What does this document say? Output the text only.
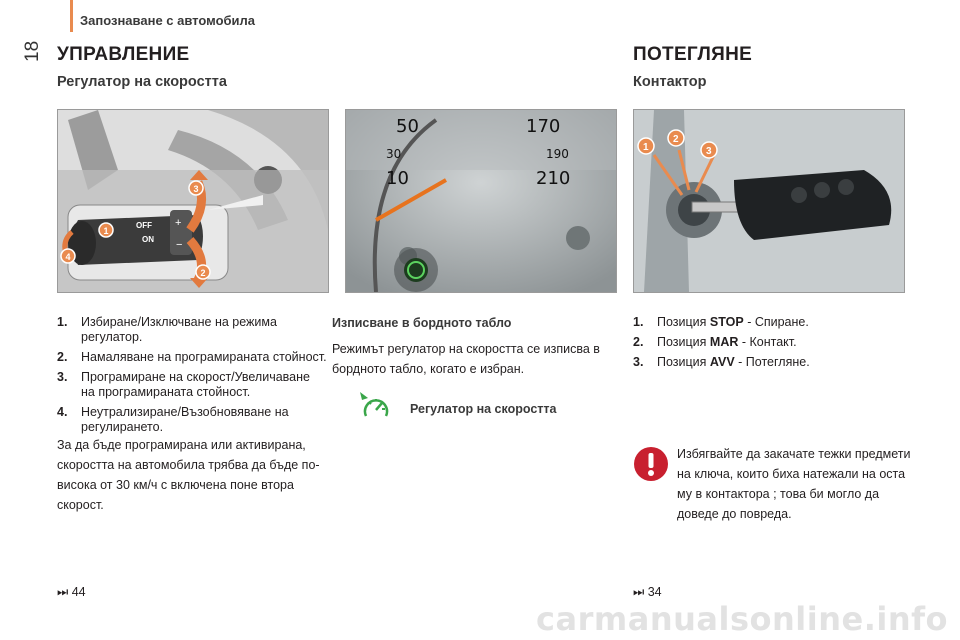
18
Запознаване с автомобила
УПРАВЛЕНИЕ
Регулатор на скоростта
OFF
ON
+
−
1
2
3
4
1.	Избиране/Изключване на режима регулатор.
2.	Намаляване на програмираната стойност.
3.	Програмиране на скорост/Увеличаване на програмираната стойност.
4.	Неутрализиране/Възобновяване на регулирането.
За да бъде програмирана или активирана, скоростта на автомобила трябва да бъде по-висока от 30 км/ч с включена поне втора скорост.
⏭ 44
50
30
10
170
190
210
Изписване в бордното табло
Режимът регулатор на скоростта се изписва в бордното табло, когато е избран.
Регулатор на скоростта
ПОТЕГЛЯНЕ
Контактор
1
2
3
1.	Позиция STOP - Спиране.
2.	Позиция MAR - Контакт.
3.	Позиция AVV - Потегляне.
Избягвайте да закачате тежки предмети на ключа, които биха натежали на оста му в контактора ; това би могло да доведе до повреда.
⏭ 34
carmanualsonline.info
